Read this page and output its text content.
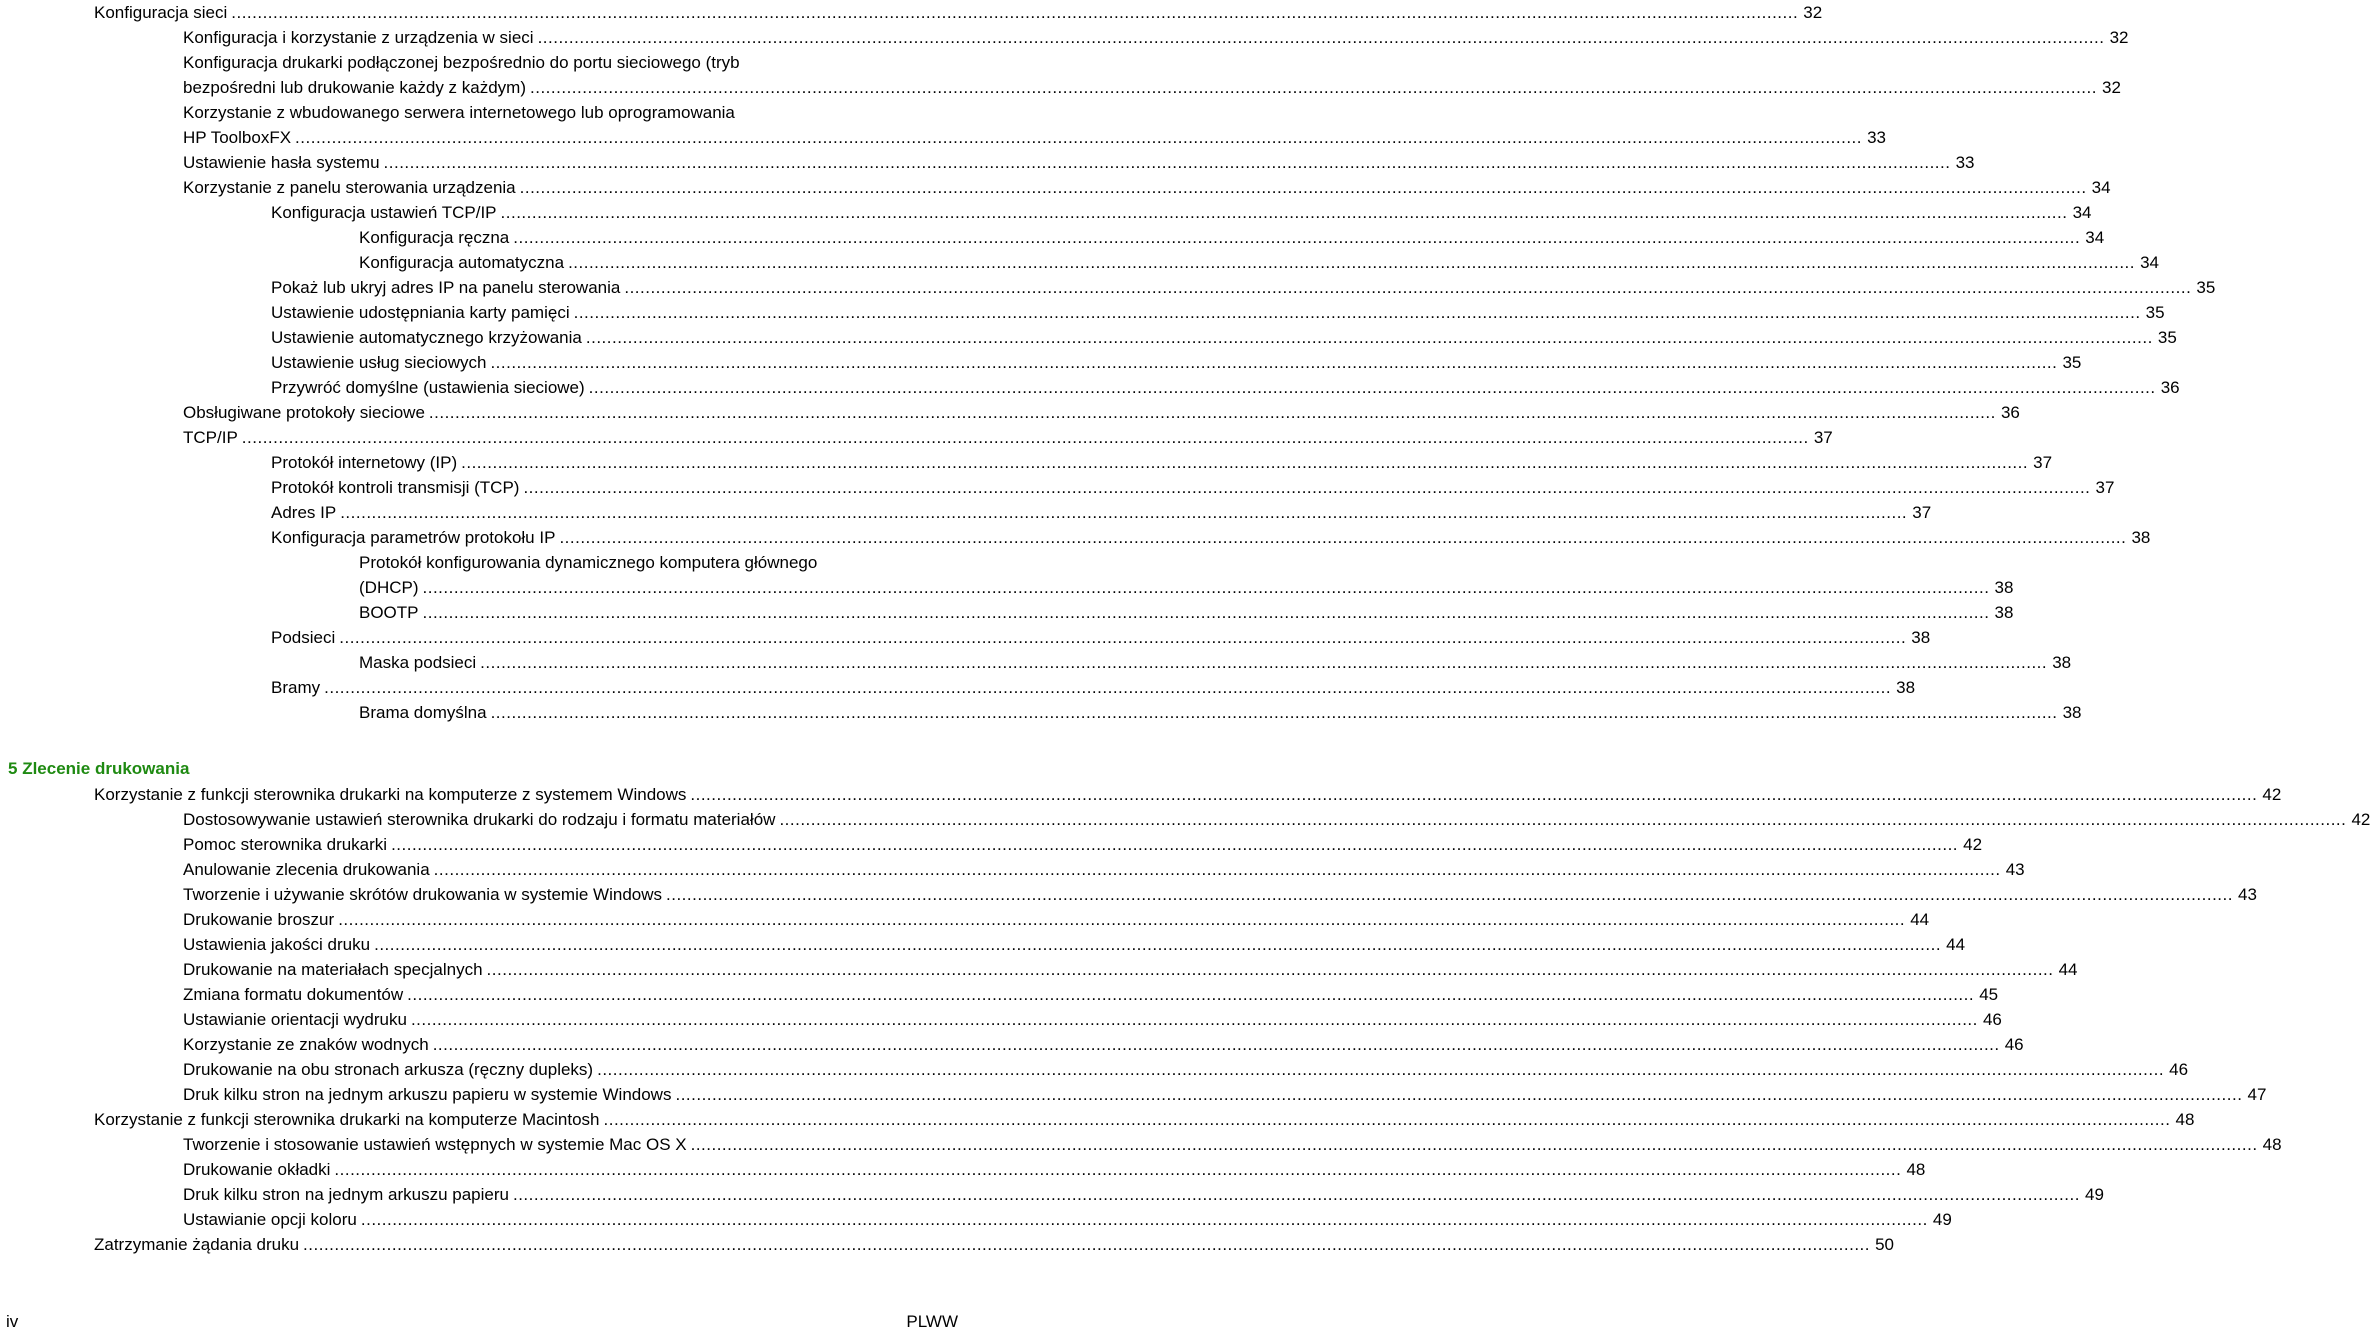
Konfiguracja sieci ............................................................................................................................................................................................................................................................................................................ 32
Konfiguracja i korzystanie z urządzenia w sieci ............................................................................................................................................................................................................................................................................................................ 32
Konfiguracja drukarki podłączonej bezpośrednio do portu sieciowego (tryb
bezpośredni lub drukowanie każdy z każdym) ............................................................................................................................................................................................................................................................................................................ 32
Korzystanie z wbudowanego serwera internetowego lub oprogramowania
HP ToolboxFX ............................................................................................................................................................................................................................................................................................................ 33
Ustawienie hasła systemu ............................................................................................................................................................................................................................................................................................................ 33
Korzystanie z panelu sterowania urządzenia ............................................................................................................................................................................................................................................................................................................ 34
Konfiguracja ustawień TCP/IP ............................................................................................................................................................................................................................................................................................................ 34
Konfiguracja ręczna ............................................................................................................................................................................................................................................................................................................ 34
Konfiguracja automatyczna ............................................................................................................................................................................................................................................................................................................ 34
Pokaż lub ukryj adres IP na panelu sterowania ............................................................................................................................................................................................................................................................................................................ 35
Ustawienie udostępniania karty pamięci ............................................................................................................................................................................................................................................................................................................ 35
Ustawienie automatycznego krzyżowania ............................................................................................................................................................................................................................................................................................................ 35
Ustawienie usług sieciowych ............................................................................................................................................................................................................................................................................................................ 35
Przywróć domyślne (ustawienia sieciowe) ............................................................................................................................................................................................................................................................................................................ 36
Obsługiwane protokoły sieciowe ............................................................................................................................................................................................................................................................................................................ 36
TCP/IP ............................................................................................................................................................................................................................................................................................................ 37
Protokół internetowy (IP) ............................................................................................................................................................................................................................................................................................................ 37
Protokół kontroli transmisji (TCP) ............................................................................................................................................................................................................................................................................................................ 37
Adres IP ............................................................................................................................................................................................................................................................................................................ 37
Konfiguracja parametrów protokołu IP ............................................................................................................................................................................................................................................................................................................ 38
Protokół konfigurowania dynamicznego komputera głównego
(DHCP) ............................................................................................................................................................................................................................................................................................................ 38
BOOTP ............................................................................................................................................................................................................................................................................................................ 38
Podsieci ............................................................................................................................................................................................................................................................................................................ 38
Maska podsieci ............................................................................................................................................................................................................................................................................................................ 38
Bramy ............................................................................................................................................................................................................................................................................................................ 38
Brama domyślna ............................................................................................................................................................................................................................................................................................................ 38
5 Zlecenie drukowania
Korzystanie z funkcji sterownika drukarki na komputerze z systemem Windows ............................................................................................................................................................................................................................................................................................................ 42
Dostosowywanie ustawień sterownika drukarki do rodzaju i formatu materiałów ............................................................................................................................................................................................................................................................................................................ 42
Pomoc sterownika drukarki ............................................................................................................................................................................................................................................................................................................ 42
Anulowanie zlecenia drukowania ............................................................................................................................................................................................................................................................................................................ 43
Tworzenie i używanie skrótów drukowania w systemie Windows ............................................................................................................................................................................................................................................................................................................ 43
Drukowanie broszur ............................................................................................................................................................................................................................................................................................................ 44
Ustawienia jakości druku ............................................................................................................................................................................................................................................................................................................ 44
Drukowanie na materiałach specjalnych ............................................................................................................................................................................................................................................................................................................ 44
Zmiana formatu dokumentów ............................................................................................................................................................................................................................................................................................................ 45
Ustawianie orientacji wydruku ............................................................................................................................................................................................................................................................................................................ 46
Korzystanie ze znaków wodnych ............................................................................................................................................................................................................................................................................................................ 46
Drukowanie na obu stronach arkusza (ręczny dupleks) ............................................................................................................................................................................................................................................................................................................ 46
Druk kilku stron na jednym arkuszu papieru w systemie Windows ............................................................................................................................................................................................................................................................................................................ 47
Korzystanie z funkcji sterownika drukarki na komputerze Macintosh ............................................................................................................................................................................................................................................................................................................ 48
Tworzenie i stosowanie ustawień wstępnych w systemie Mac OS X ............................................................................................................................................................................................................................................................................................................ 48
Drukowanie okładki ............................................................................................................................................................................................................................................................................................................ 48
Druk kilku stron na jednym arkuszu papieru ............................................................................................................................................................................................................................................................................................................ 49
Ustawianie opcji koloru ............................................................................................................................................................................................................................................................................................................ 49
Zatrzymanie żądania druku ............................................................................................................................................................................................................................................................................................................ 50
iv	PLWW
